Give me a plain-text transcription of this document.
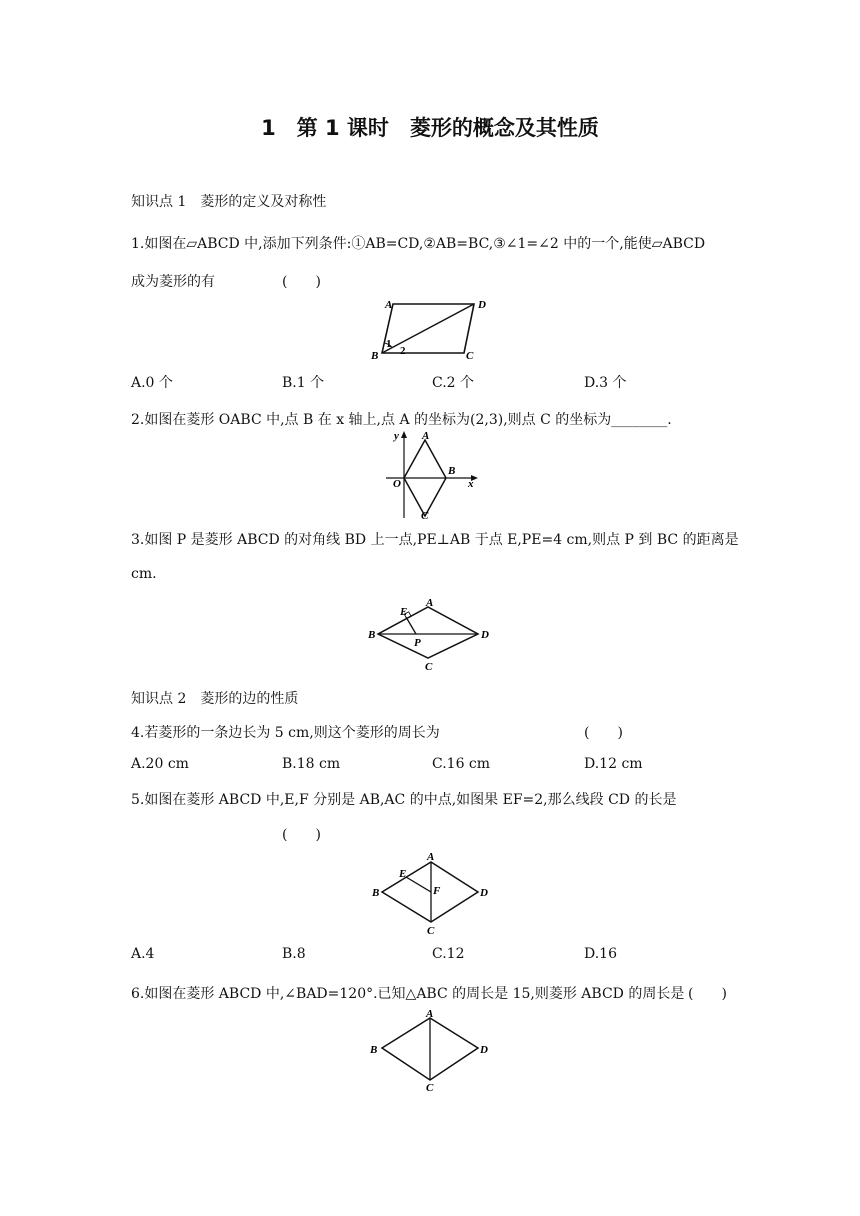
1　第 1 课时　菱形的概念及其性质
知识点 1　菱形的定义及对称性
1.如图在▱ABCD 中,添加下列条件:①AB=CD,②AB=BC,③∠1=∠2 中的一个,能使▱ABCD
成为菱形的有	(　　)
A	D
B	C
1
2
A.0 个	B.1 个	C.2 个	D.3 个
2.如图在菱形 OABC 中,点 B 在 x 轴上,点 A 的坐标为(2,3),则点 C 的坐标为________.
y
x
O
A
B
C
3.如图 P 是菱形 ABCD 的对角线 BD 上一点,PE⊥AB 于点 E,PE=4 cm,则点 P 到 BC 的距离是
cm.
A
B	D
C
E
P
知识点 2　菱形的边的性质
4.若菱形的一条边长为 5 cm,则这个菱形的周长为	(　　)
A.20 cm	B.18 cm	C.16 cm	D.12 cm
5.如图在菱形 ABCD 中,E,F 分别是 AB,AC 的中点,如图果 EF=2,那么线段 CD 的长是
(　　)
A
B	D
C
E
F
A.4	B.8	C.12	D.16
6.如图在菱形 ABCD 中,∠BAD=120°.已知△ABC 的周长是 15,则菱形 ABCD 的周长是 (　　)
A
B	D
C
